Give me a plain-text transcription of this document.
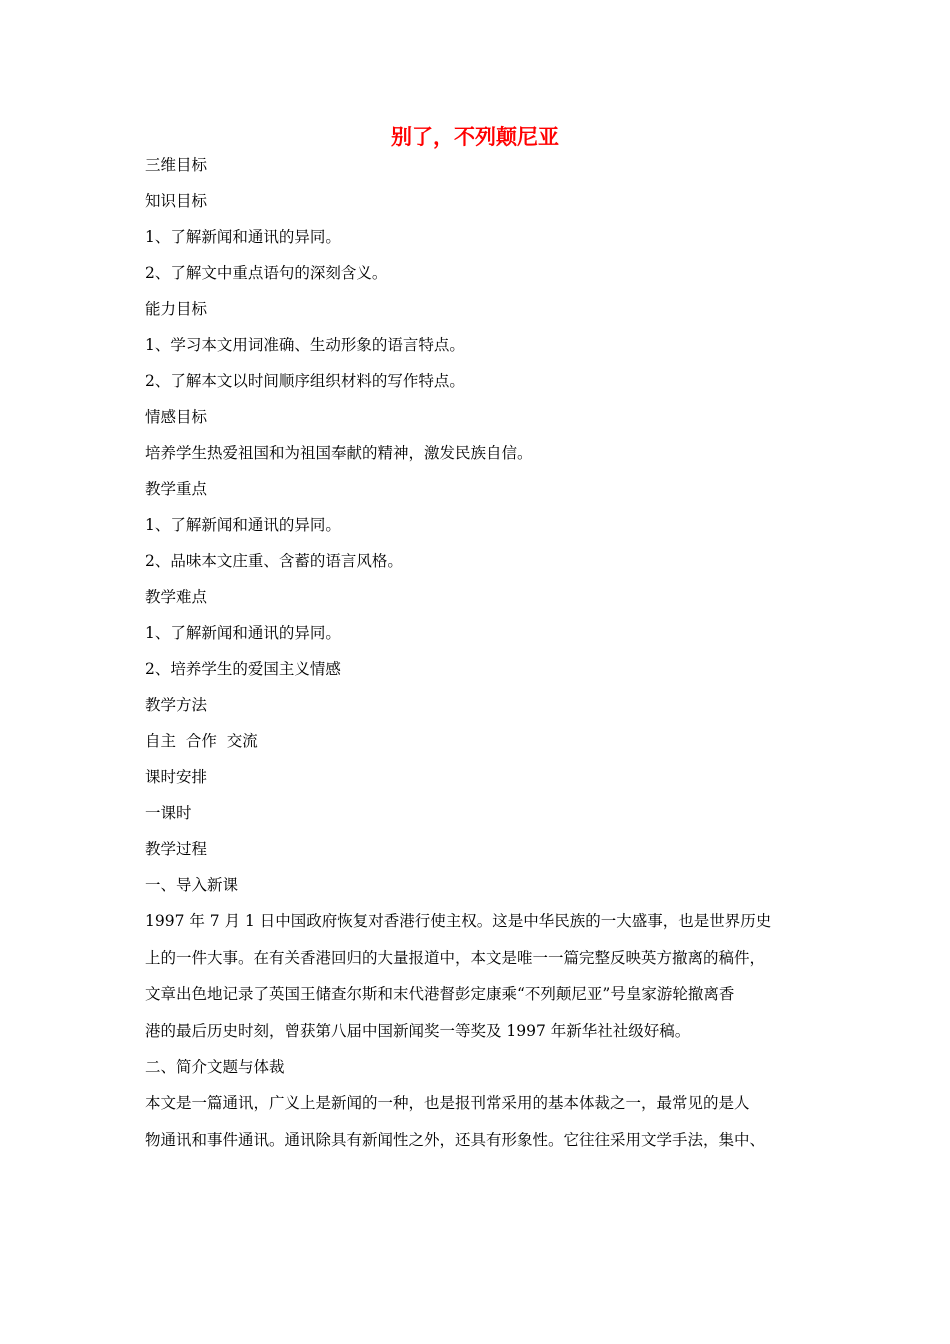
别了，不列颠尼亚
三维目标
知识目标
1、了解新闻和通讯的异同。
2、了解文中重点语句的深刻含义。
能力目标
1、学习本文用词准确、生动形象的语言特点。
2、了解本文以时间顺序组织材料的写作特点。
情感目标
培养学生热爱祖国和为祖国奉献的精神，激发民族自信。
教学重点
1、了解新闻和通讯的异同。
2、品味本文庄重、含蓄的语言风格。
教学难点
1、了解新闻和通讯的异同。
2、培养学生的爱国主义情感
教学方法
自主  合作  交流
课时安排
一课时
教学过程
一、导入新课
1997 年 7 月 1 日中国政府恢复对香港行使主权。这是中华民族的一大盛事，也是世界历史
上的一件大事。在有关香港回归的大量报道中，本文是唯一一篇完整反映英方撤离的稿件，
文章出色地记录了英国王储查尔斯和末代港督彭定康乘“不列颠尼亚”号皇家游轮撤离香
港的最后历史时刻，曾获第八届中国新闻奖一等奖及 1997 年新华社社级好稿。
二、简介文题与体裁
本文是一篇通讯，广义上是新闻的一种，也是报刊常采用的基本体裁之一，最常见的是人
物通讯和事件通讯。通讯除具有新闻性之外，还具有形象性。它往往采用文学手法，集中、
